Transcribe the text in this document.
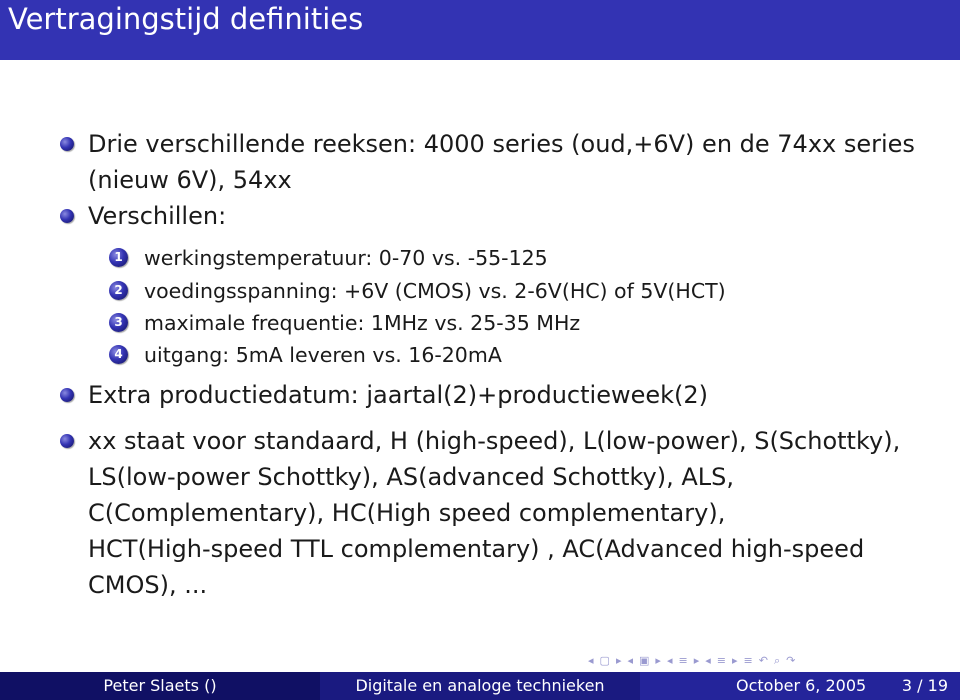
Vertragingstijd definities
Drie verschillende reeksen: 4000 series (oud,+6V) en de 74xx series
(nieuw 6V), 54xx
Verschillen:
1 werkingstemperatuur: 0-70 vs. -55-125
2 voedingsspanning: +6V (CMOS) vs. 2-6V(HC) of 5V(HCT)
3 maximale frequentie: 1MHz vs. 25-35 MHz
4 uitgang: 5mA leveren vs. 16-20mA
Extra productiedatum: jaartal(2)+productieweek(2)
xx staat voor standaard, H (high-speed), L(low-power), S(Schottky),
LS(low-power Schottky), AS(advanced Schottky), ALS,
C(Complementary), HC(High speed complementary),
HCT(High-speed TTL complementary) , AC(Advanced high-speed
CMOS), ...
◂ ▢ ▸ ◂ ▣ ▸ ◂ ≡ ▸ ◂ ≡ ▸ ≡ ↶ ⌕ ↷
Peter Slaets ()	Digitale en analoge technieken	October 6, 2005 3 / 19
